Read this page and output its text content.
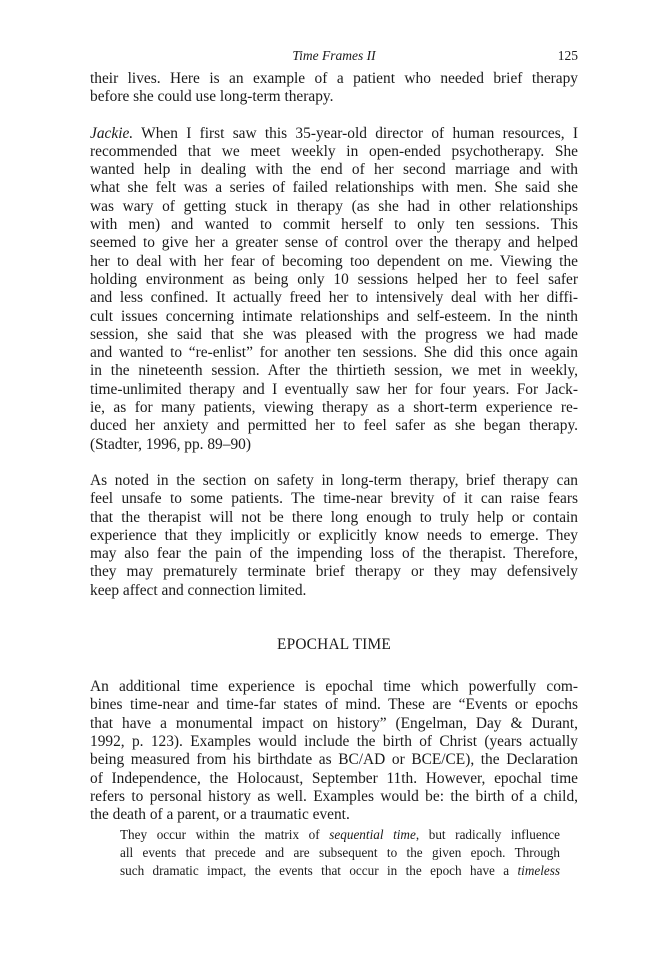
Time Frames II	125

their lives. Here is an example of a patient who needed brief therapy
before she could use long-term therapy.

Jackie. When I first saw this 35-year-old director of human resources, I
recommended that we meet weekly in open-ended psychotherapy. She
wanted help in dealing with the end of her second marriage and with
what she felt was a series of failed relationships with men. She said she
was wary of getting stuck in therapy (as she had in other relationships
with men) and wanted to commit herself to only ten sessions. This
seemed to give her a greater sense of control over the therapy and helped
her to deal with her fear of becoming too dependent on me. Viewing the
holding environment as being only 10 sessions helped her to feel safer
and less confined. It actually freed her to intensively deal with her diffi-
cult issues concerning intimate relationships and self-esteem. In the ninth
session, she said that she was pleased with the progress we had made
and wanted to “re-enlist” for another ten sessions. She did this once again
in the nineteenth session. After the thirtieth session, we met in weekly,
time-unlimited therapy and I eventually saw her for four years. For Jack-
ie, as for many patients, viewing therapy as a short-term experience re-
duced her anxiety and permitted her to feel safer as she began therapy.
(Stadter, 1996, pp. 89–90)

As noted in the section on safety in long-term therapy, brief therapy can
feel unsafe to some patients. The time-near brevity of it can raise fears
that the therapist will not be there long enough to truly help or contain
experience that they implicitly or explicitly know needs to emerge. They
may also fear the pain of the impending loss of the therapist. Therefore,
they may prematurely terminate brief therapy or they may defensively
keep affect and connection limited.

EPOCHAL TIME

An additional time experience is epochal time which powerfully com-
bines time-near and time-far states of mind. These are “Events or epochs
that have a monumental impact on history” (Engelman, Day & Durant,
1992, p. 123). Examples would include the birth of Christ (years actually
being measured from his birthdate as BC/AD or BCE/CE), the Declaration
of Independence, the Holocaust, September 11th. However, epochal time
refers to personal history as well. Examples would be: the birth of a child,
the death of a parent, or a traumatic event.

They occur within the matrix of sequential time, but radically influence
all events that precede and are subsequent to the given epoch. Through
such dramatic impact, the events that occur in the epoch have a timeless
